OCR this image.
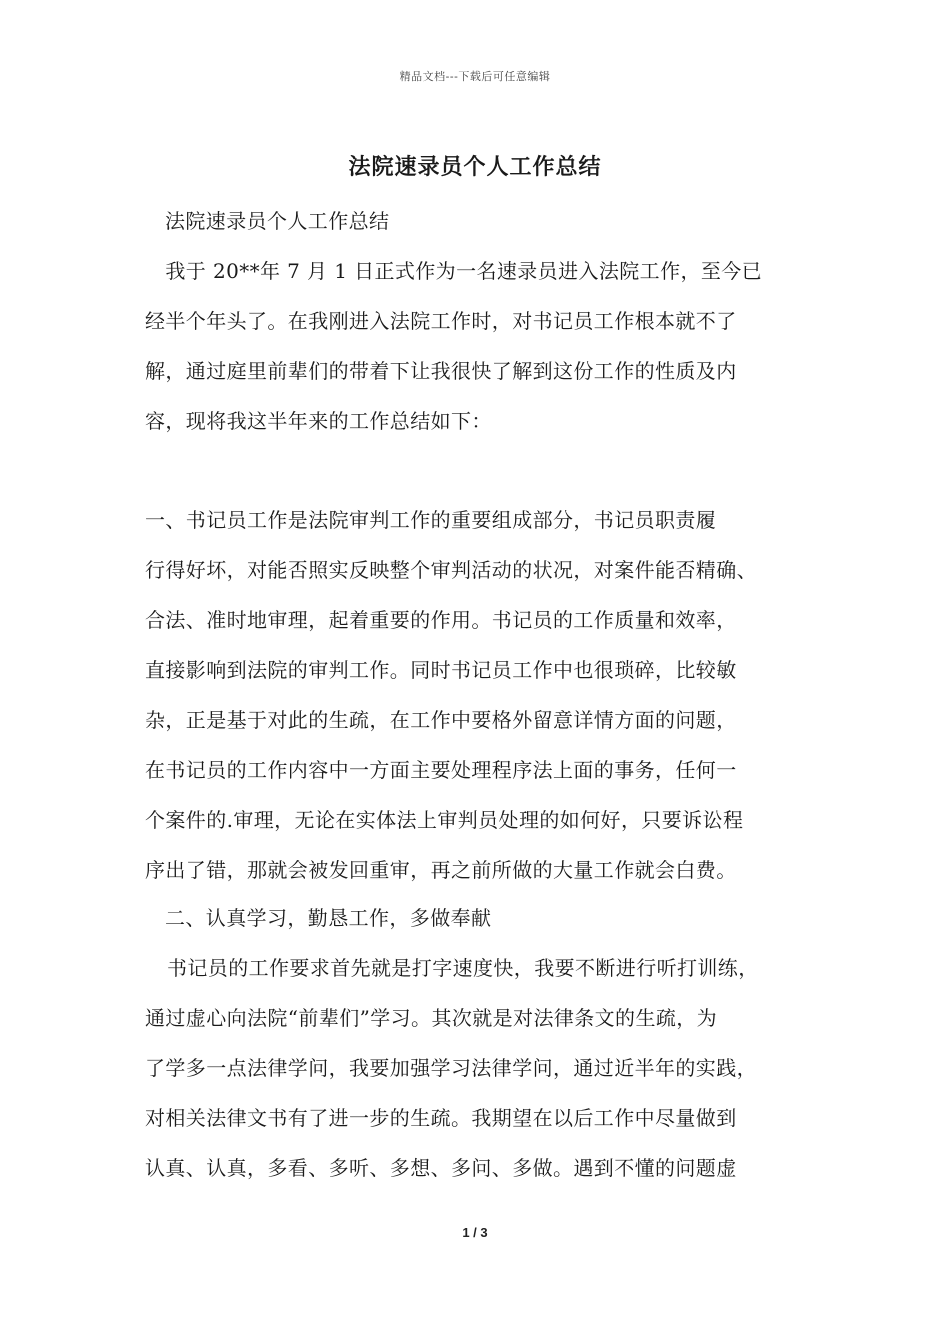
精品文档---下载后可任意编辑
法院速录员个人工作总结
法院速录员个人工作总结
　我于 20**年 7 月 1 日正式作为一名速录员进入法院工作，至今已
经半个年头了。在我刚进入法院工作时，对书记员工作根本就不了
解，通过庭里前辈们的带着下让我很快了解到这份工作的性质及内
容，现将我这半年来的工作总结如下：
一、书记员工作是法院审判工作的重要组成部分，书记员职责履
行得好坏，对能否照实反映整个审判活动的状况，对案件能否精确、
合法、准时地审理，起着重要的作用。书记员的工作质量和效率，
直接影响到法院的审判工作。同时书记员工作中也很琐碎，比较敏
杂，正是基于对此的生疏，在工作中要格外留意详情方面的问题，
在书记员的工作内容中一方面主要处理程序法上面的事务，任何一
个案件的.审理，无论在实体法上审判员处理的如何好，只要诉讼程
序出了错，那就会被发回重审，再之前所做的大量工作就会白费。
二、认真学习，勤恳工作，多做奉献
书记员的工作要求首先就是打字速度快，我要不断进行听打训练，
通过虚心向法院“前辈们”学习。其次就是对法律条文的生疏，为
了学多一点法律学问，我要加强学习法律学问，通过近半年的实践，
对相关法律文书有了进一步的生疏。我期望在以后工作中尽量做到
认真、认真，多看、多听、多想、多问、多做。遇到不懂的问题虚
1 / 3
